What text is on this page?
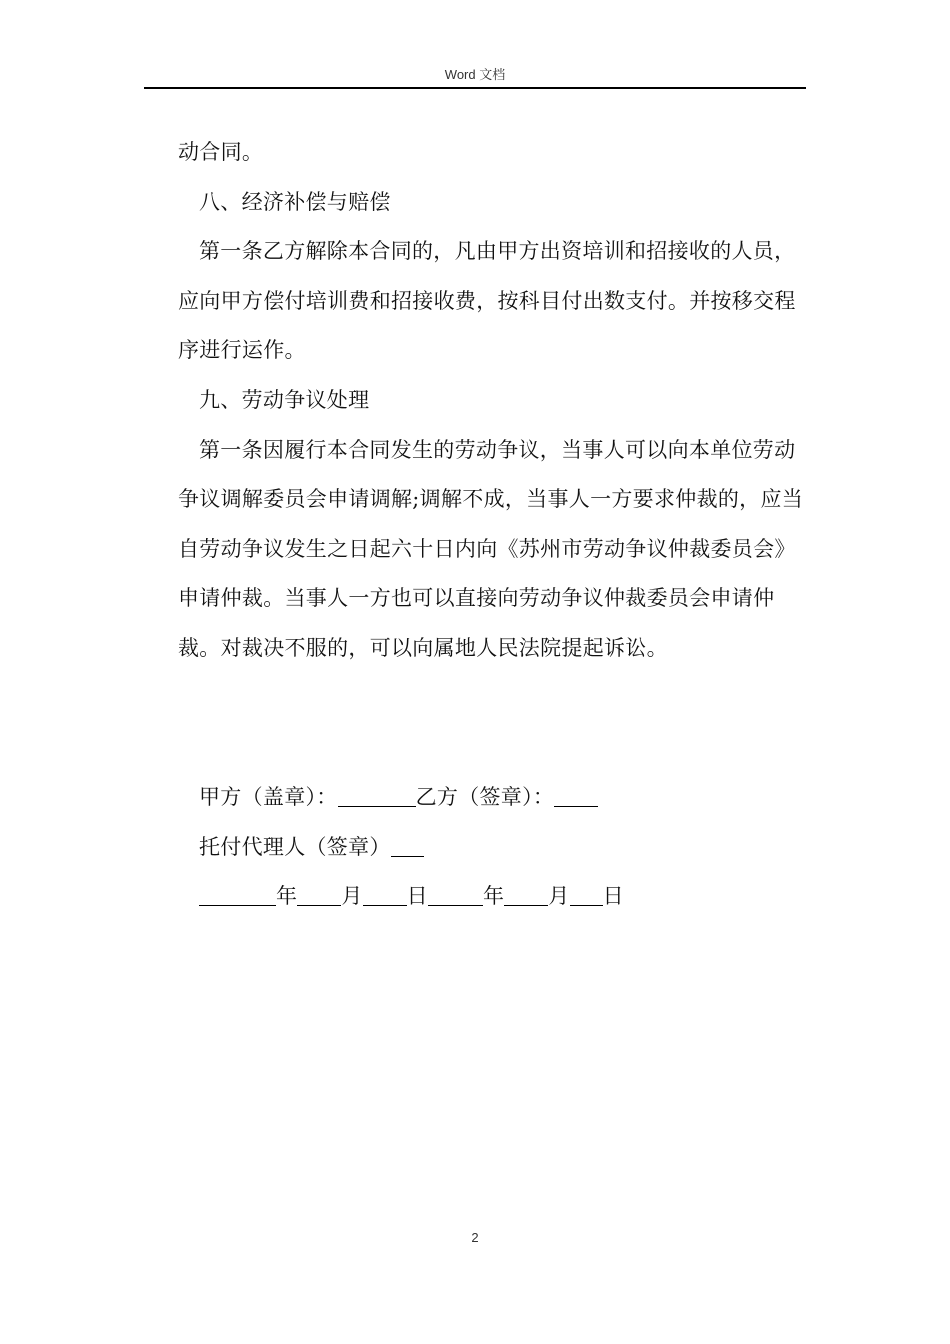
Word 文档

动合同。

八、经济补偿与赔偿

第一条乙方解除本合同的，凡由甲方出资培训和招接收的人员，应向甲方偿付培训费和招接收费，按科目付出数支付。并按移交程序进行运作。

九、劳动争议处理

第一条因履行本合同发生的劳动争议，当事人可以向本单位劳动争议调解委员会申请调解;调解不成，当事人一方要求仲裁的，应当自劳动争议发生之日起六十日内向《苏州市劳动争议仲裁委员会》申请仲裁。当事人一方也可以直接向劳动争议仲裁委员会申请仲裁。对裁决不服的，可以向属地人民法院提起诉讼。

甲方（盖章）：	乙方（签章）：

托付代理人（签章）

年 月 日	年 月 日

2
